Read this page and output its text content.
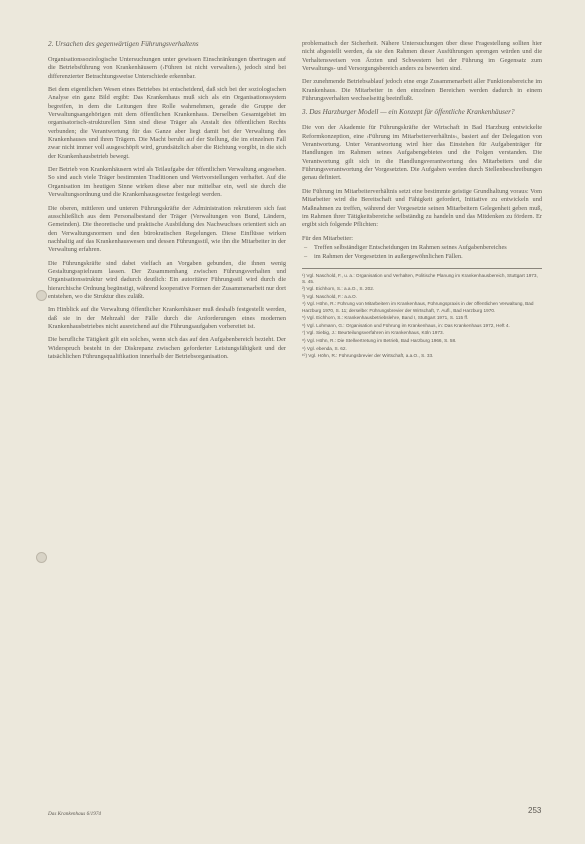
2. Ursachen des gegenwärtigen Führungsverhaltens

Organisationssoziologische Untersuchungen unter gewissen Einschränkungen übertragen auf die Betriebsführung von Krankenhäusern (›Führen ist nicht verwalten‹), jedoch sind bei differenzierter Betrachtungsweise Unterschiede erkennbar.

Bei dem eigentlichen Wesen eines Betriebes ist entscheidend, daß sich bei der soziologischen Analyse ein ganz Bild ergibt: Das Krankenhaus muß sich als ein Organisationssystem begreifen, in dem die Leitungen ihre Rolle wahrnehmen, gerade die Gruppe der Verwaltungsangehörigen mit dem öffentlichen Krankenhaus. Derselben Gesamtgebiet im organisatorisch-strukturellen Sinn sind diese Träger als Anstalt des öffentlichen Rechts verbunden; die Verantwortung für das Ganze aber liegt damit bei der Verwaltung des Krankenhauses und ihren Trägern. Die Macht beruht auf der Stellung, die im einzelnen Fall zwar nicht immer voll ausgeschöpft wird, grundsätzlich aber die Richtung vorgibt, in die sich der Krankenhausbetrieb bewegt.

Der Betrieb von Krankenhäusern wird als Teilaufgabe der öffentlichen Verwaltung angesehen. So sind auch viele Träger bestimmten Traditionen und Wertvorstellungen verhaftet. Auf die Organisation im heutigen Sinne wirken diese aber nur mittelbar ein, weil sie durch die Verwaltungsordnung und die Krankenhausgesetze festgelegt werden.

Die oberen, mittleren und unteren Führungskräfte der Administration rekrutieren sich fast ausschließlich aus dem Personalbestand der Träger (Verwaltungen von Bund, Ländern, Gemeinden). Die theoretische und praktische Ausbildung des Nachwuchses orientiert sich an den Verwaltungsnormen und den bürokratischen Regelungen. Diese Einflüsse wirken nachhaltig auf das Krankenhauswesen und dessen Führungsstil, wie ihn die Mitarbeiter in der Verwaltung erfahren.

Die Führungskräfte sind dabei vielfach an Vorgaben gebunden, die ihnen wenig Gestaltungsspielraum lassen. Der Zusammenhang zwischen Führungsverhalten und Organisationsstruktur wird dadurch deutlich: Ein autoritärer Führungsstil wird durch die hierarchische Ordnung begünstigt, während kooperative Formen der Zusammenarbeit nur dort entstehen, wo die Struktur dies zuläßt.

Im Hinblick auf die Verwaltung öffentlicher Krankenhäuser muß deshalb festgestellt werden, daß sie in der Mehrzahl der Fälle durch die Anforderungen eines modernen Krankenhausbetriebes nicht ausreichend auf die Führungsaufgaben vorbereitet ist.

Die berufliche Tätigkeit gilt ein solches, wenn sich das auf den Aufgabenbereich bezieht. Der Widerspruch besteht in der Diskrepanz zwischen geforderter Leistungsfähigkeit und der tatsächlichen Führungsqualifikation innerhalb der Betriebsorganisation.

problematisch der Sicherheit. Nähere Untersuchungen über diese Fragestellung sollten hier nicht abgestellt werden, da sie den Rahmen dieser Ausführungen sprengen würden und die Verhaltensweisen von Ärzten und Schwestern bei der Führung im Gegensatz zum Verwaltungs- und Versorgungsbereich anders zu bewerten sind.

Der zunehmende Betriebsablauf jedoch eine enge Zusammenarbeit aller Funktionsbereiche im Krankenhaus. Die Mitarbeiter in den einzelnen Bereichen werden dadurch in einem Führungsverhalten wechselseitig beeinflußt.

3. Das Harzburger Modell — ein Konzept für öffentliche Krankenhäuser?

Die von der Akademie für Führungskräfte der Wirtschaft in Bad Harzburg entwickelte Reformkonzeption, eine ›Führung im Mitarbeiterverhältnis‹, basiert auf der Delegation von Verantwortung. Unter Verantwortung wird hier das Einstehen für Aufgabenträger für Handlungen im Rahmen seines Aufgabengebietes und die Folgen verstanden. Die Verantwortung gilt sich in die Handlungsverantwortung des Mitarbeiters und die Führungsverantwortung der Vorgesetzten. Die Aufgaben werden durch Stellenbeschreibungen genau definiert.

Die Führung im Mitarbeiterverhältnis setzt eine bestimmte geistige Grundhaltung voraus: Vom Mitarbeiter wird die Bereitschaft und Fähigkeit gefordert, Initiative zu entwickeln und Maßnahmen zu treffen, während der Vorgesetzte seinen Mitarbeitern Gelegenheit geben muß, im Rahmen ihrer Tätigkeitsbereiche selbständig zu handeln und das Mitdenken zu fördern. Er ergibt sich folgende Pflichten:

Für den Mitarbeiter:

– Treffen selbständiger Entscheidungen im Rahmen seines Aufgabenbereiches
– im Rahmen der Vorgesetzten in außergewöhnlichen Fällen.

¹) Vgl. Naschold, F., u. a.: Organisation und Verhalten, Politische Planung im Krankenhausbereich, Stuttgart 1973, S. 45.

²) Vgl. Eichhorn, S.: a.a.O., S. 202.

³) Vgl. Naschold, F.: a.a.O.

⁴) Vgl. Höhn, R.: Führung von Mitarbeitern im Krankenhaus, Führungspraxis in der öffentlichen Verwaltung, Bad Harzburg 1970, S. 11; derselbe: Führungsbrevier der Wirtschaft, 7. Aufl., Bad Harzburg 1970.

⁵) Vgl. Eichhorn, S.: Krankenhausbetriebslehre, Band I, Stuttgart 1971, S. 115 ff.

⁶) Vgl. Lohmann, G.: Organisation und Führung im Krankenhaus, in: Das Krankenhaus 1972, Heft 4.

⁷) Vgl. Siebig, J.: Beurteilungsverfahren im Krankenhaus, Köln 1973.

⁸) Vgl. Höhn, R.: Die Stellvertretung im Betrieb, Bad Harzburg 1966, S. 58.

⁹) Vgl. ebenda, S. 62.

¹⁰) Vgl. Höhn, R.: Führungsbrevier der Wirtschaft, a.a.O., S. 33.

Das Krankenhaus 6/1974	253
